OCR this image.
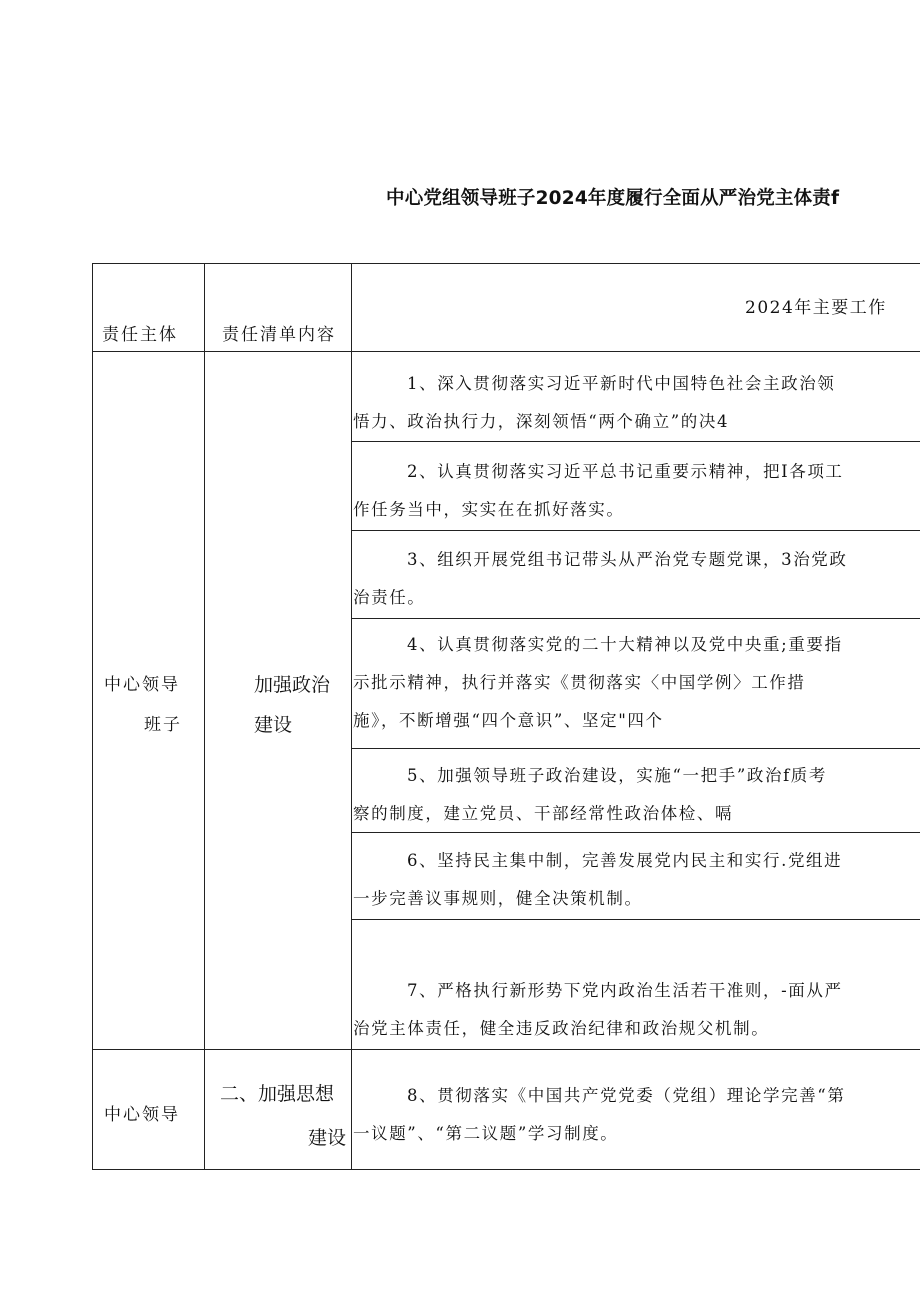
中心党组领导班子2024年度履行全面从严治党主体责f
责任主体	责任清单内容
2024年主要工作
中心领导
班子
加强政治
建设
1、深入贯彻落实习近平新时代中国特色社会主政治领
悟力、政治执行力，深刻领悟“两个确立”的决4
2、认真贯彻落实习近平总书记重要示精神，把I各项工
作任务当中，实实在在抓好落实。
3、组织开展党组书记带头从严治党专题党课，3治党政
治责任。
4、认真贯彻落实党的二十大精神以及党中央重;重要指
示批示精神，执行并落实《贯彻落实〈中国学例〉工作措
施》，不断增强“四个意识”、坚定"四个
5、加强领导班子政治建设，实施“一把手”政治f质考
察的制度，建立党员、干部经常性政治体检、嗝
6、坚持民主集中制，完善发展党内民主和实行.党组进
一步完善议事规则，健全决策机制。
7、严格执行新形势下党内政治生活若干准则，-面从严
治党主体责任，健全违反政治纪律和政治规父机制。
中心领导
二、加强思想
建设
8、贯彻落实《中国共产党党委（党组）理论学完善“第
一议题”、“第二议题”学习制度。
